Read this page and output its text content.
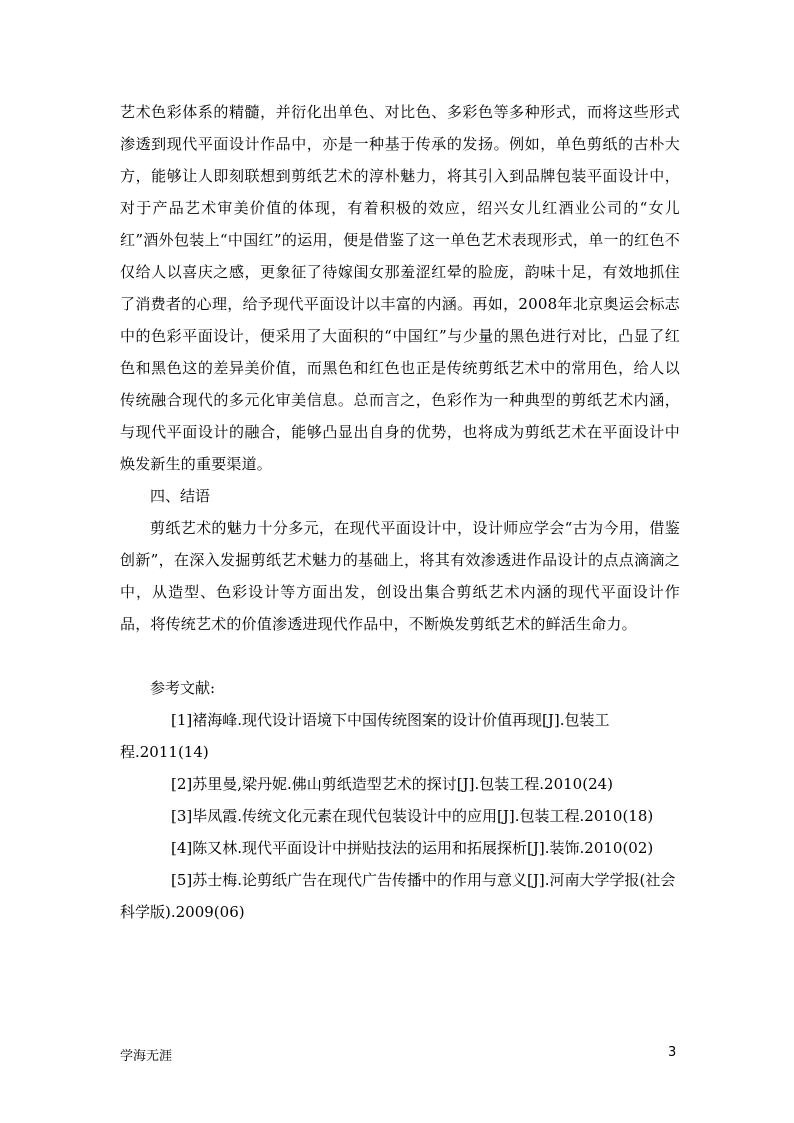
艺术色彩体系的精髓，并衍化出单色、对比色、多彩色等多种形式，而将这些形式渗透到现代平面设计作品中，亦是一种基于传承的发扬。例如，单色剪纸的古朴大方，能够让人即刻联想到剪纸艺术的淳朴魅力，将其引入到品牌包装平面设计中，对于产品艺术审美价值的体现，有着积极的效应，绍兴女儿红酒业公司的“女儿红”酒外包装上“中国红”的运用，便是借鉴了这一单色艺术表现形式，单一的红色不仅给人以喜庆之感，更象征了待嫁闺女那羞涩红晕的脸庞，韵味十足，有效地抓住了消费者的心理，给予现代平面设计以丰富的内涵。再如，2008年北京奥运会标志中的色彩平面设计，便采用了大面积的“中国红”与少量的黑色进行对比，凸显了红色和黑色这的差异美价值，而黑色和红色也正是传统剪纸艺术中的常用色，给人以传统融合现代的多元化审美信息。总而言之，色彩作为一种典型的剪纸艺术内涵，与现代平面设计的融合，能够凸显出自身的优势，也将成为剪纸艺术在平面设计中焕发新生的重要渠道。

四、结语

剪纸艺术的魅力十分多元，在现代平面设计中，设计师应学会“古为今用，借鉴创新”，在深入发掘剪纸艺术魅力的基础上，将其有效渗透进作品设计的点点滴滴之中，从造型、色彩设计等方面出发，创设出集合剪纸艺术内涵的现代平面设计作品，将传统艺术的价值渗透进现代作品中，不断焕发剪纸艺术的鲜活生命力。

参考文献:

[1]褚海峰.现代设计语境下中国传统图案的设计价值再现[J].包装工程.2011(14)
[2]苏里曼,梁丹妮.佛山剪纸造型艺术的探讨[J].包装工程.2010(24)
[3]毕凤霞.传统文化元素在现代包装设计中的应用[J].包装工程.2010(18)
[4]陈又林.现代平面设计中拼贴技法的运用和拓展探析[J].装饰.2010(02)
[5]苏士梅.论剪纸广告在现代广告传播中的作用与意义[J].河南大学学报(社会科学版).2009(06)
学海无涯	3
